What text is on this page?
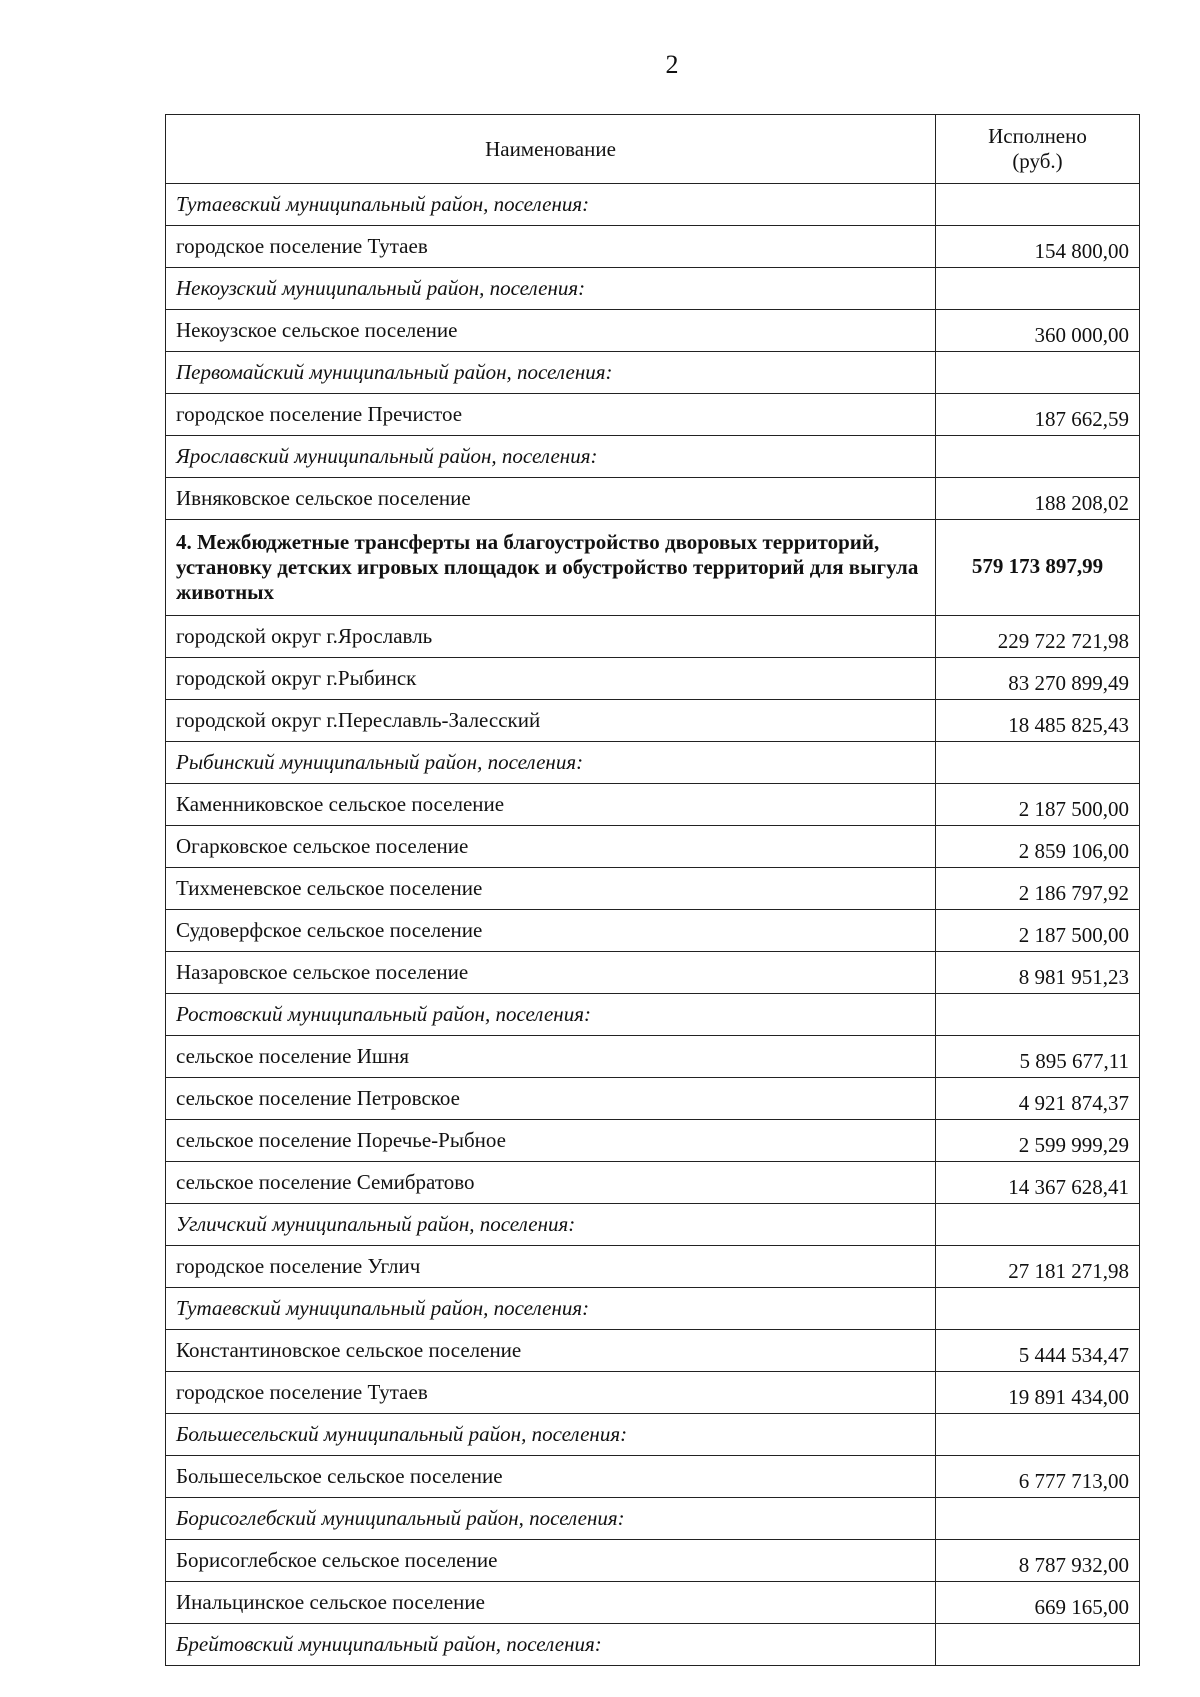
2
Наименование	Исполнено (руб.)
Тутаевский муниципальный район, поселения:	
городское поселение Тутаев	154 800,00
Некоузский муниципальный район, поселения:	
Некоузское сельское поселение	360 000,00
Первомайский муниципальный район, поселения:	
городское поселение Пречистое	187 662,59
Ярославский муниципальный район, поселения:	
Ивняковское сельское поселение	188 208,02
4. Межбюджетные трансферты на благоустройство дворовых территорий, установку детских игровых площадок и обустройство территорий для выгула животных	579 173 897,99
городской округ г.Ярославль	229 722 721,98
городской округ г.Рыбинск	83 270 899,49
городской округ г.Переславль-Залесский	18 485 825,43
Рыбинский муниципальный район, поселения:	
Каменниковское сельское поселение	2 187 500,00
Огарковское сельское поселение	2 859 106,00
Тихменевское сельское поселение	2 186 797,92
Судоверфское сельское поселение	2 187 500,00
Назаровское сельское поселение	8 981 951,23
Ростовский муниципальный район, поселения:	
сельское поселение Ишня	5 895 677,11
сельское поселение Петровское	4 921 874,37
сельское поселение Поречье-Рыбное	2 599 999,29
сельское поселение Семибратово	14 367 628,41
Угличский муниципальный район, поселения:	
городское поселение Углич	27 181 271,98
Тутаевский муниципальный район, поселения:	
Константиновское сельское поселение	5 444 534,47
городское поселение Тутаев	19 891 434,00
Большесельский муниципальный район, поселения:	
Большесельское сельское поселение	6 777 713,00
Борисоглебский муниципальный район, поселения:	
Борисоглебское сельское поселение	8 787 932,00
Инальцинское сельское поселение	669 165,00
Брейтовский муниципальный район, поселения:	
